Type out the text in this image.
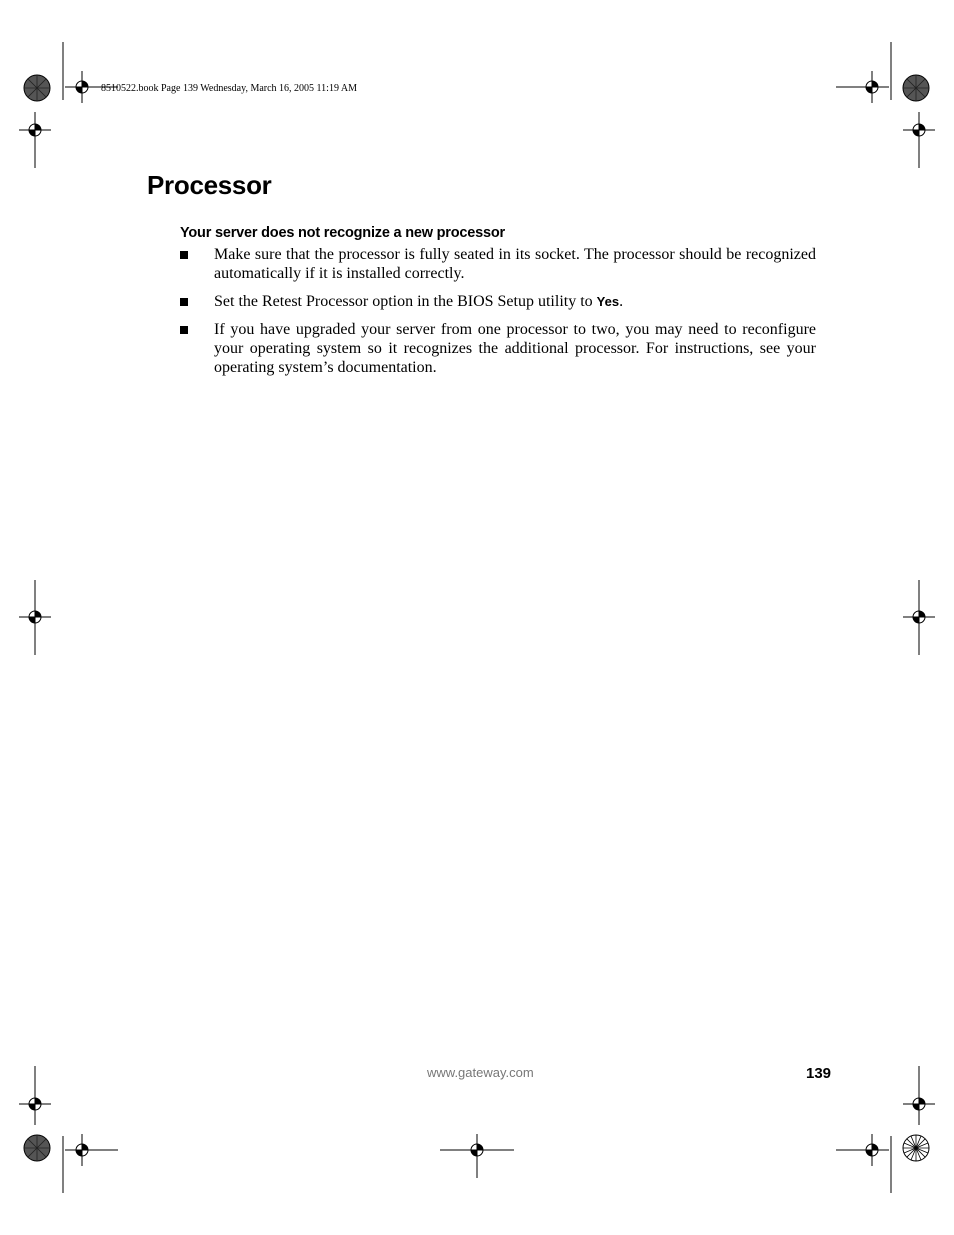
8510522.book Page 139 Wednesday, March 16, 2005 11:19 AM
Processor
Your server does not recognize a new processor
Make sure that the processor is fully seated in its socket. The processor should be recognized automatically if it is installed correctly.
Set the Retest Processor option in the BIOS Setup utility to Yes.
If you have upgraded your server from one processor to two, you may need to reconfigure your operating system so it recognizes the additional processor. For instructions, see your operating system’s documentation.
www.gateway.com	139
